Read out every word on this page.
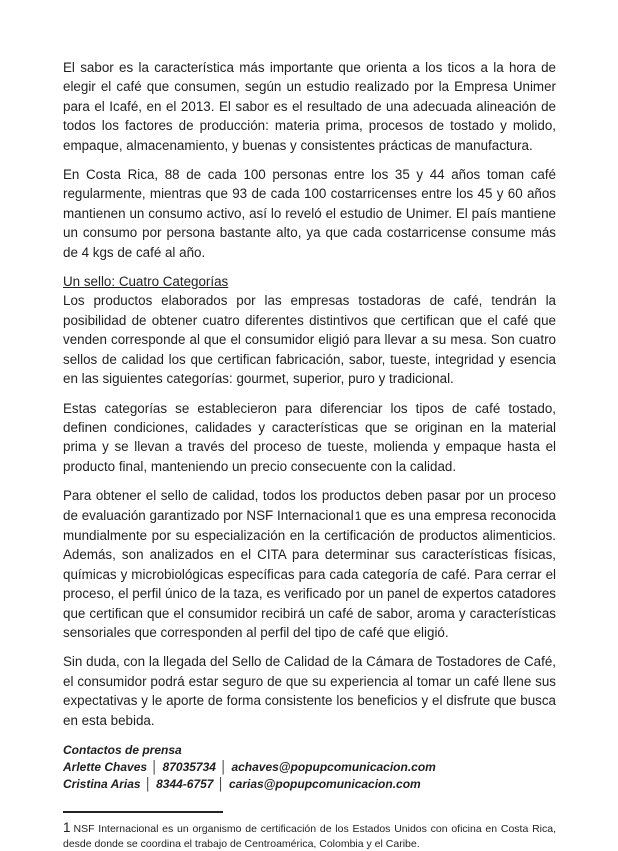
El sabor es la característica más importante que orienta a los ticos a la hora de elegir el café que consumen, según un estudio realizado por la Empresa Unimer para el Icafé, en el 2013. El sabor es el resultado de una adecuada alineación de todos los factores de producción: materia prima, procesos de tostado y molido, empaque, almacenamiento, y buenas y consistentes prácticas de manufactura.

En Costa Rica, 88 de cada 100 personas entre los 35 y 44 años toman café regularmente, mientras que 93 de cada 100 costarricenses entre los 45 y 60 años mantienen un consumo activo, así lo reveló el estudio de Unimer. El país mantiene un consumo por persona bastante alto, ya que cada costarricense consume más de 4 kgs de café al año.

Un sello: Cuatro Categorías

Los productos elaborados por las empresas tostadoras de café, tendrán la posibilidad de obtener cuatro diferentes distintivos que certifican que el café que venden corresponde al que el consumidor eligió para llevar a su mesa. Son cuatro sellos de calidad los que certifican fabricación, sabor, tueste, integridad y esencia en las siguientes categorías: gourmet, superior, puro y tradicional.

Estas categorías se establecieron para diferenciar los tipos de café tostado, definen condiciones, calidades y características que se originan en la material prima y se llevan a través del proceso de tueste, molienda y empaque hasta el producto final, manteniendo un precio consecuente con la calidad.

Para obtener el sello de calidad, todos los productos deben pasar por un proceso de evaluación garantizado por NSF Internacional1 que es una empresa reconocida mundialmente por su especialización en la certificación de productos alimenticios. Además, son analizados en el CITA para determinar sus características físicas, químicas y microbiológicas específicas para cada categoría de café. Para cerrar el proceso, el perfil único de la taza, es verificado por un panel de expertos catadores que certifican que el consumidor recibirá un café de sabor, aroma y características sensoriales que corresponden al perfil del tipo de café que eligió.

Sin duda, con la llegada del Sello de Calidad de la Cámara de Tostadores de Café, el consumidor podrá estar seguro de que su experiencia al tomar un café llene sus expectativas y le aporte de forma consistente los beneficios y el disfrute que busca en esta bebida.

Contactos de prensa
Arlette Chaves │ 87035734 │ achaves@popupcomunicacion.com
Cristina Arias │ 8344-6757 │ carias@popupcomunicacion.com
1 NSF Internacional es un organismo de certificación de los Estados Unidos con oficina en Costa Rica, desde donde se coordina el trabajo de Centroamérica, Colombia y el Caribe.
